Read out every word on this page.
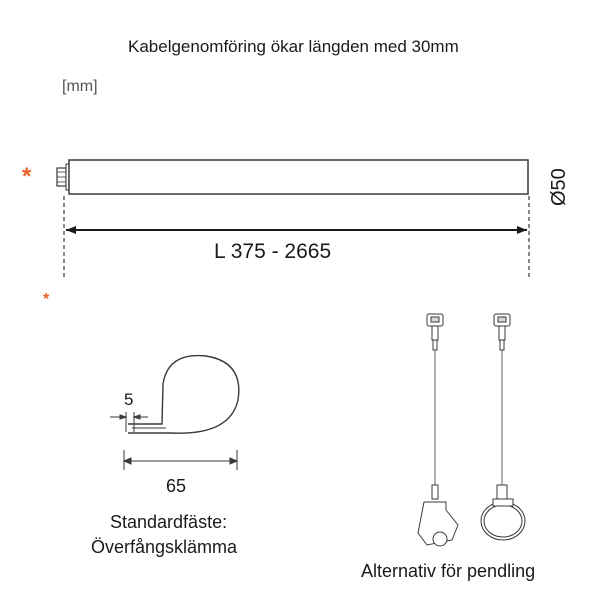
Kabelgenomföring ökar längden med 30mm
[mm]
*
*
L 375 - 2665
Ø50
5
65
Standardfäste:
Överfångsklämma
Alternativ för pendling
